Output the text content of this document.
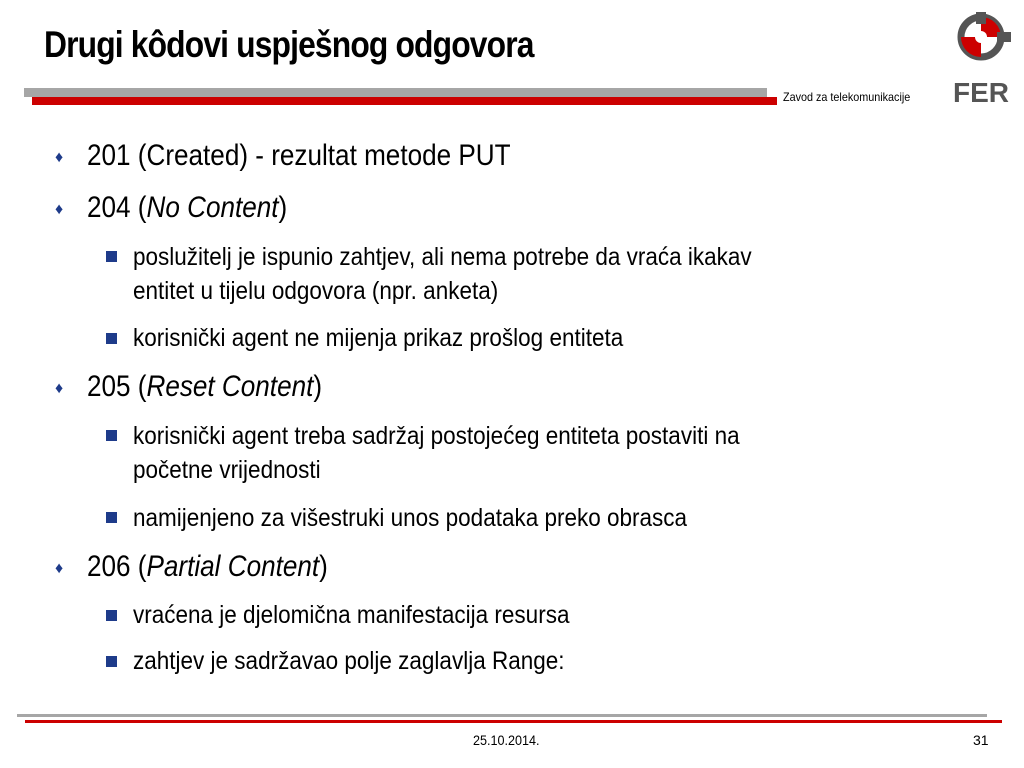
Drugi kôdovi uspješnog odgovora
Zavod za telekomunikacije FER
♦ 201 (Created) - rezultat metode PUT
♦ 204 (No Content)
poslužitelj je ispunio zahtjev, ali nema potrebe da vraća ikakav
entitet u tijelu odgovora (npr. anketa)
korisnički agent ne mijenja prikaz prošlog entiteta
♦ 205 (Reset Content)
korisnički agent treba sadržaj postojećeg entiteta postaviti na
početne vrijednosti
namijenjeno za višestruki unos podataka preko obrasca
♦ 206 (Partial Content)
vraćena je djelomična manifestacija resursa
zahtjev je sadržavao polje zaglavlja Range:
25.10.2014.	31
